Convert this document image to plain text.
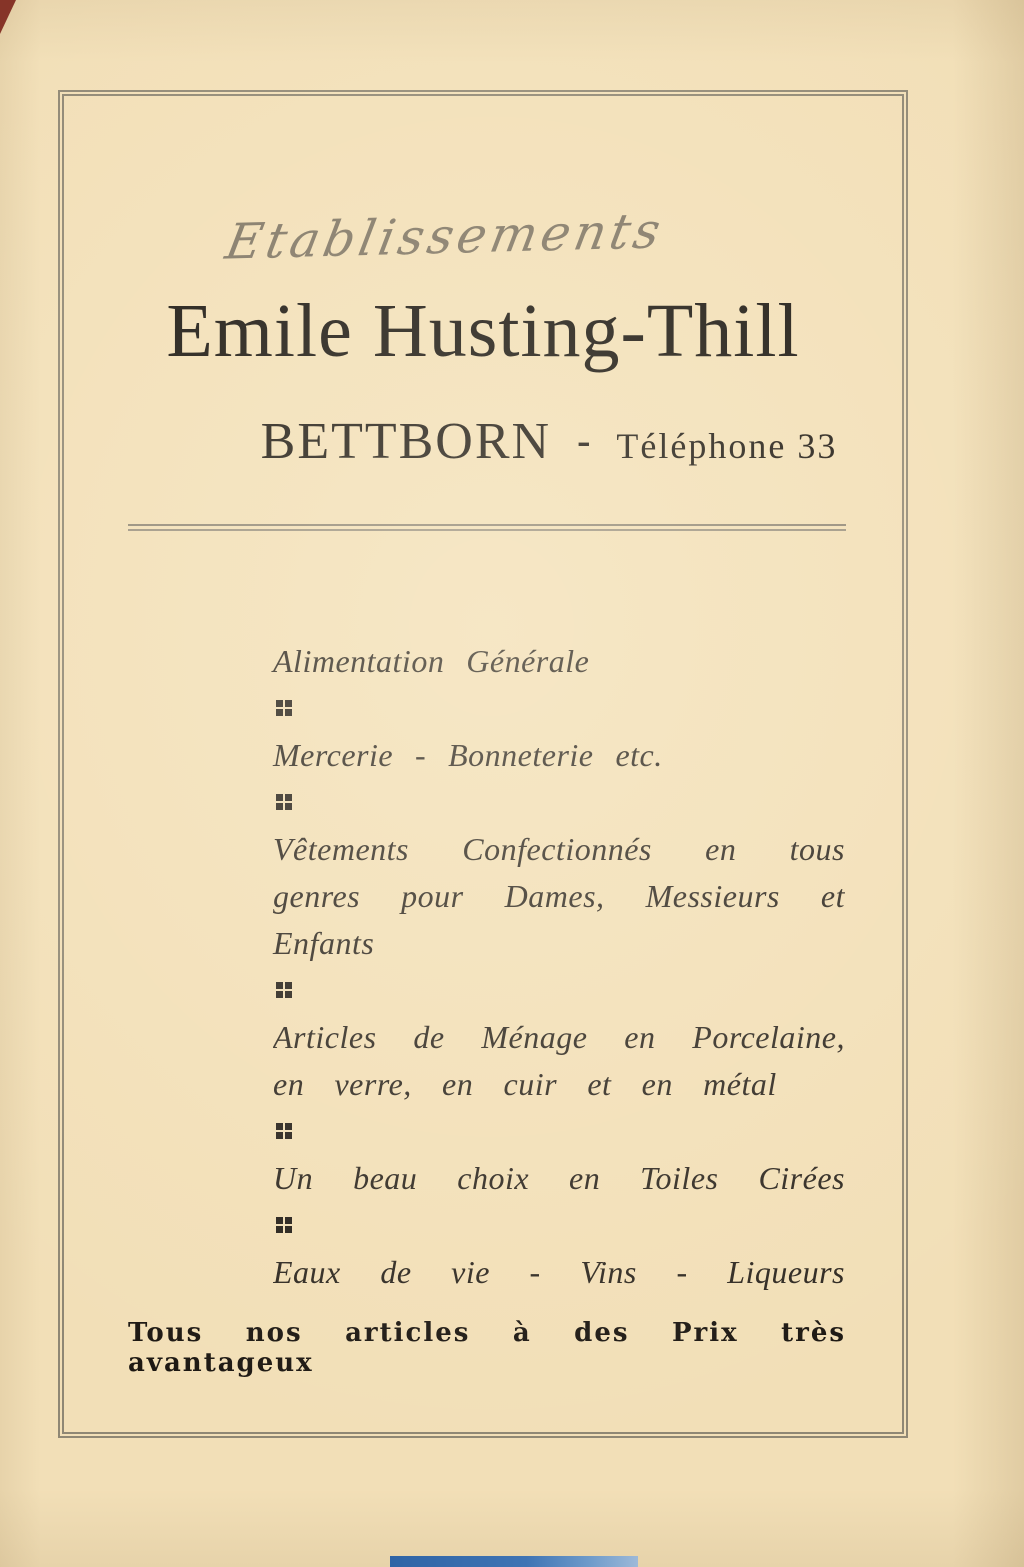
Etablissements
Emile Husting-Thill
BETTBORN - Téléphone 33
Alimentation Générale
Mercerie - Bonneterie etc.
Vêtements Confectionnés en tous
genres pour Dames, Messieurs et
Enfants
Articles de Ménage en Porcelaine,
en verre, en cuir et en métal
Un beau choix en Toiles Cirées
Eaux de vie - Vins - Liqueurs
Tous nos articles à des Prix très avantageux
